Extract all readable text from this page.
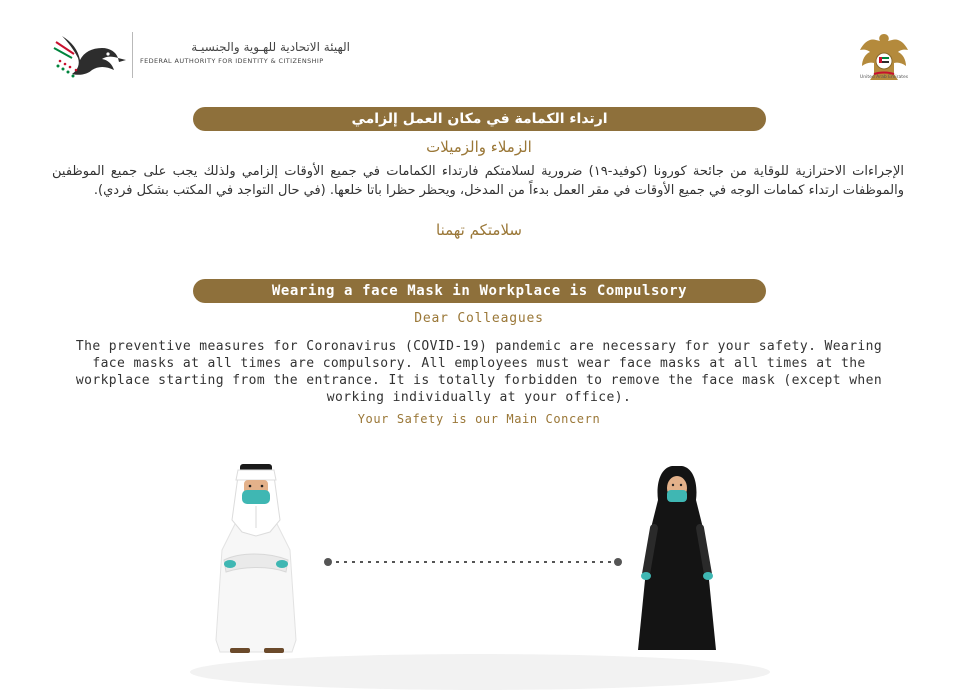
الهيئة الاتحادية للهـوية والجنسيـة
FEDERAL AUTHORITY FOR IDENTITY & CITIZENSHIP
United Arab Emirates
ارتداء الكمامة في مكان العمل إلزامي
الزملاء والزميلات
الإجراءات الاحترازية للوقاية من جائحة كورونا (كوفيد-١٩) ضرورية لسلامتكم فارتداء الكمامات في جميع الأوقات إلزامي ولذلك يجب على جميع الموظفين والموظفات ارتداء كمامات الوجه في جميع الأوقات في مقر العمل بدءاً من المدخل، ويحظر حظرا باتا خلعها. (في حال التواجد في المكتب بشكل فردي).
سلامتكم تهمنا
Wearing a face Mask in Workplace is Compulsory
Dear Colleagues
The preventive measures for Coronavirus (COVID-19) pandemic are necessary for your safety. Wearing face masks at all times are compulsory. All employees must wear face masks at all times at the workplace starting from the entrance. It is totally forbidden to remove the face mask (except when working individually at your office).
Your Safety is our Main Concern
